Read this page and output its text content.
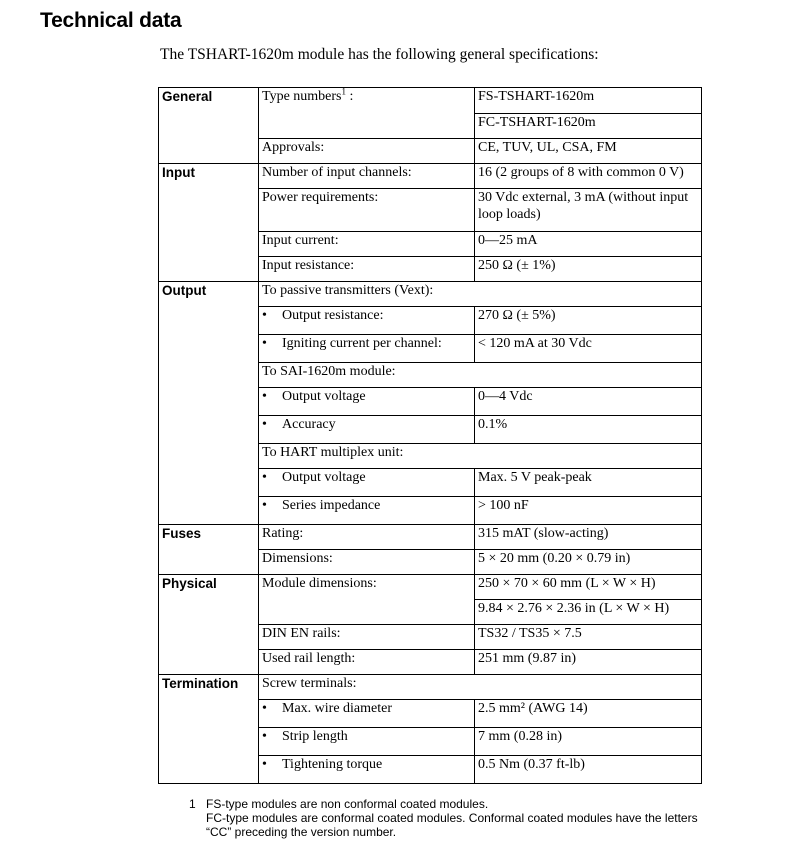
Technical data

The TSHART-1620m module has the following general specifications:

General	Type numbers$^1$ :	FS-TSHART-1620m
		FC-TSHART-1620m
	Approvals:	CE, TUV, UL, CSA, FM
Input	Number of input channels:	16 (2 groups of 8 with common 0 V)
	Power requirements:	30 Vdc external, 3 mA (without input loop loads)
	Input current:	0—25 mA
	Input resistance:	250 Ω (± 1%)
Output	To passive transmitters (Vext):	
	• Output resistance:	270 Ω (± 5%)
	• Igniting current per channel:	< 120 mA at 30 Vdc
	To SAI-1620m module:	
	• Output voltage	0—4 Vdc
	• Accuracy	0.1%
	To HART multiplex unit:	
	• Output voltage	Max. 5 V peak-peak
	• Series impedance	> 100 nF
Fuses	Rating:	315 mAT (slow-acting)
	Dimensions:	5 × 20 mm (0.20 × 0.79 in)
Physical	Module dimensions:	250 × 70 × 60 mm (L × W × H)
		9.84 × 2.76 × 2.36 in (L × W × H)
	DIN EN rails:	TS32 / TS35 × 7.5
	Used rail length:	251 mm (9.87 in)
Termination	Screw terminals:	
	• Max. wire diameter	2.5 mm² (AWG 14)
	• Strip length	7 mm (0.28 in)
	• Tightening torque	0.5 Nm (0.37 ft-lb)
1 FS-type modules are non conformal coated modules.
FC-type modules are conformal coated modules. Conformal coated modules have the letters
“CC” preceding the version number.
